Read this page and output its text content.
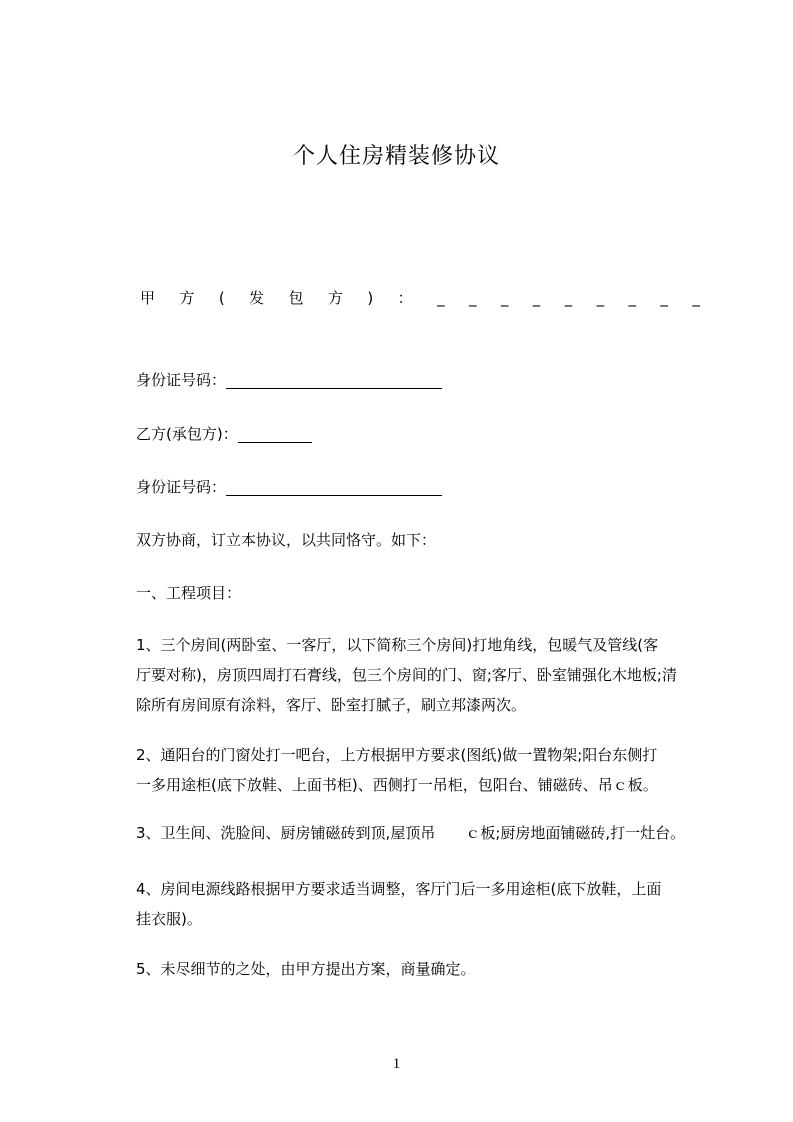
个人住房精装修协议
甲 方 ( 发 包 方 ) ： _ _ _ _ _ _ _ _ _
身份证号码：
乙方(承包方)：
身份证号码：
双方协商，订立本协议，以共同恪守。如下：
一、工程项目：
1、三个房间(两卧室、一客厅，以下简称三个房间)打地角线，包暖气及管线(客
厅要对称)，房顶四周打石膏线，包三个房间的门、窗;客厅、卧室铺强化木地板;清
除所有房间原有涂料，客厅、卧室打腻子，刷立邦漆两次。
2、通阳台的门窗处打一吧台，上方根据甲方要求(图纸)做一置物架;阳台东侧打
一多用途柜(底下放鞋、上面书柜)、西侧打一吊柜，包阳台、铺磁砖、吊ｃ板。
3、卫生间、洗脸间、厨房铺磁砖到顶,屋顶吊　　ｃ板;厨房地面铺磁砖,打一灶台。
4、房间电源线路根据甲方要求适当调整，客厅门后一多用途柜(底下放鞋，上面
挂衣服)。
5、未尽细节的之处，由甲方提出方案，商量确定。
1
